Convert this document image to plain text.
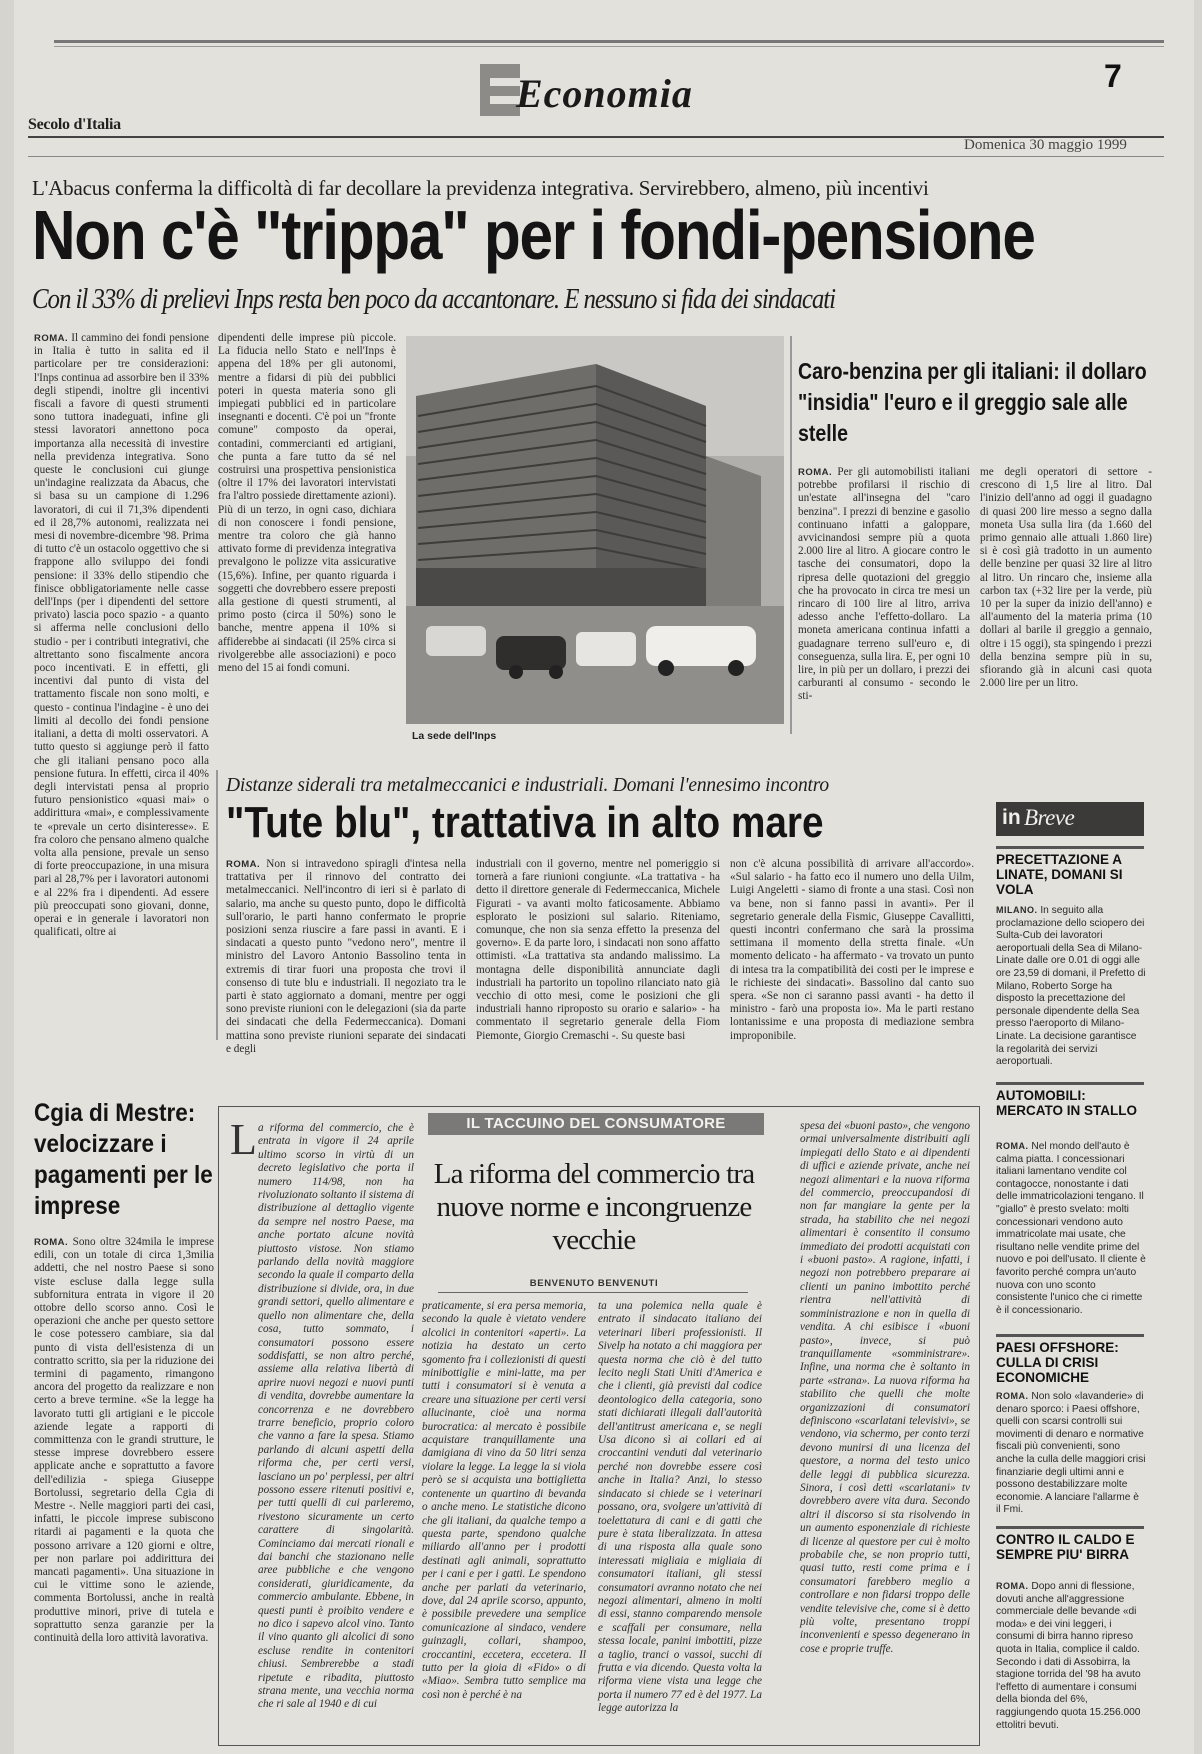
Economia	7
Secolo d'Italia
Domenica 30 maggio 1999
L'Abacus conferma la difficoltà di far decollare la previdenza integrativa. Servirebbero, almeno, più incentivi
Non c'è "trippa" per i fondi-pensione
Con il 33% di prelievi Inps resta ben poco da accantonare. E nessuno si fida dei sindacati
ROMA. Il cammino dei fondi pensione in Italia è tutto in salita ed il particolare per tre considerazioni: l'Inps continua ad assorbire ben il 33% degli stipendi, inoltre gli incentivi fiscali a favore di questi strumenti sono tuttora inadeguati, infine gli stessi lavoratori annettono poca importanza alla necessità di investire nella previdenza integrativa. Sono queste le conclusioni cui giunge un'indagine realizzata da Abacus, che si basa su un campione di 1.296 lavoratori, di cui il 71,3% dipendenti ed il 28,7% autonomi, realizzata nei mesi di novembre-dicembre '98. Prima di tutto c'è un ostacolo oggettivo che si frappone allo sviluppo dei fondi pensione: il 33% dello stipendio che finisce obbligatoriamente nelle casse dell'Inps (per i dipendenti del settore privato) lascia poco spazio - a quanto si afferma nelle conclusioni dello studio - per i contributi integrativi, che altrettanto sono fiscalmente ancora poco incentivati. E in effetti, gli incentivi dal punto di vista del trattamento fiscale non sono molti, e questo - continua l'indagine - è uno dei limiti al decollo dei fondi pensione italiani, a detta di molti osservatori. A tutto questo si aggiunge però il fatto che gli italiani pensano poco alla pensione futura. In effetti, circa il 40% degli intervistati pensa al proprio futuro pensionistico «quasi mai» o addirittura «mai», e complessivamente te «prevale un certo disinteresse». E fra coloro che pensano almeno qualche volta alla pensione, prevale un senso di forte preoccupazione, in una misura pari al 28,7% per i lavoratori autonomi e al 22% fra i dipendenti. Ad essere più preoccupati sono giovani, donne, operai e in generale i lavoratori non qualificati, oltre ai
dipendenti delle imprese più piccole. La fiducia nello Stato e nell'Inps è appena del 18% per gli autonomi, mentre a fidarsi di più dei pubblici poteri in questa materia sono gli impiegati pubblici ed in particolare insegnanti e docenti. C'è poi un "fronte comune" composto da operai, contadini, commercianti ed artigiani, che punta a fare tutto da sé nel costruirsi una prospettiva pensionistica (oltre il 17% dei lavoratori intervistati fra l'altro possiede direttamente azioni). Più di un terzo, in ogni caso, dichiara di non conoscere i fondi pensione, mentre tra coloro che già hanno attivato forme di previdenza integrativa prevalgono le polizze vita assicurative (15,6%). Infine, per quanto riguarda i soggetti che dovrebbero essere preposti alla gestione di questi strumenti, al primo posto (circa il 50%) sono le banche, mentre appena il 10% si affiderebbe ai sindacati (il 25% circa si rivolgerebbe alle associazioni) e poco meno del 15 ai fondi comuni.
La sede dell'Inps
Caro-benzina per gli italiani: il dollaro "insidia" l'euro e il greggio sale alle stelle
ROMA. Per gli automobilisti italiani potrebbe profilarsi il rischio di un'estate all'insegna del "caro benzina". I prezzi di benzine e gasolio continuano infatti a galoppare, avvicinandosi sempre più a quota 2.000 lire al litro. A giocare contro le tasche dei consumatori, dopo la ripresa delle quotazioni del greggio che ha provocato in circa tre mesi un rincaro di 100 lire al litro, arriva adesso anche l'effetto-dollaro. La moneta americana continua infatti a guadagnare terreno sull'euro e, di conseguenza, sulla lira. E, per ogni 10 lire, in più per un dollaro, i prezzi dei carburanti al consumo - secondo le sti-
me degli operatori di settore - crescono di 1,5 lire al litro. Dal l'inizio dell'anno ad oggi il guadagno di quasi 200 lire messo a segno dalla moneta Usa sulla lira (da 1.660 del primo gennaio alle attuali 1.860 lire) si è così già tradotto in un aumento delle benzine per quasi 32 lire al litro al litro. Un rincaro che, insieme alla carbon tax (+32 lire per la verde, più 10 per la super da inizio dell'anno) e all'aumento del la materia prima (10 dollari al barile il greggio a gennaio, oltre i 15 oggi), sta spingendo i prezzi della benzina sempre più in su, sfiorando già in alcuni casi quota 2.000 lire per un litro.
Distanze siderali tra metalmeccanici e industriali. Domani l'ennesimo incontro
"Tute blu", trattativa in alto mare
ROMA. Non si intravedono spiragli d'intesa nella trattativa per il rinnovo del contratto dei metalmeccanici. Nell'incontro di ieri si è parlato di salario, ma anche su questo punto, dopo le difficoltà sull'orario, le parti hanno confermato le proprie posizioni senza riuscire a fare passi in avanti. E i sindacati a questo punto "vedono nero", mentre il ministro del Lavoro Antonio Bassolino tenta in extremis di tirar fuori una proposta che trovi il consenso di tute blu e industriali. Il negoziato tra le parti è stato aggiornato a domani, mentre per oggi sono previste riunioni con le delegazioni (sia da parte dei sindacati che della Federmeccanica). Domani mattina sono previste riunioni separate dei sindacati e degli
industriali con il governo, mentre nel pomeriggio si tornerà a fare riunioni congiunte. «La trattativa - ha detto il direttore generale di Federmeccanica, Michele Figurati - va avanti molto faticosamente. Abbiamo esplorato le posizioni sul salario. Riteniamo, comunque, che non sia senza effetto la presenza del governo». E da parte loro, i sindacati non sono affatto ottimisti. «La trattativa sta andando malissimo. La montagna delle disponibilità annunciate dagli industriali ha partorito un topolino rilanciato nato già vecchio di otto mesi, come le posizioni che gli industriali hanno riproposto su orario e salario» - ha commentato il segretario generale della Fiom Piemonte, Giorgio Cremaschi -. Su queste basi
non c'è alcuna possibilità di arrivare all'accordo». «Sul salario - ha fatto eco il numero uno della Uilm, Luigi Angeletti - siamo di fronte a una stasi. Così non va bene, non si fanno passi in avanti». Per il segretario generale della Fismic, Giuseppe Cavallitti, questi incontri confermano che sarà la prossima settimana il momento della stretta finale. «Un momento delicato - ha affermato - va trovato un punto di intesa tra la compatibilità dei costi per le imprese e le richieste dei sindacati». Bassolino dal canto suo spera. «Se non ci saranno passi avanti - ha detto il ministro - farò una proposta io». Ma le parti restano lontanissime e una proposta di mediazione sembra improponibile.
Cgia di Mestre: velocizzare i pagamenti per le imprese
ROMA. Sono oltre 324mila le imprese edili, con un totale di circa 1,3milia addetti, che nel nostro Paese si sono viste escluse dalla legge sulla subfornitura entrata in vigore il 20 ottobre dello scorso anno. Così le operazioni che anche per questo settore le cose potessero cambiare, sia dal punto di vista dell'esistenza di un contratto scritto, sia per la riduzione dei termini di pagamento, rimangono ancora del progetto da realizzare e non certo a breve termine. «Se la legge ha lavorato tutti gli artigiani e le piccole aziende legate a rapporti di committenza con le grandi strutture, le stesse imprese dovrebbero essere applicate anche e soprattutto a favore dell'edilizia - spiega Giuseppe Bortolussi, segretario della Cgia di Mestre -. Nelle maggiori parti dei casi, infatti, le piccole imprese subiscono ritardi ai pagamenti e la quota che possono arrivare a 120 giorni e oltre, per non parlare poi addirittura dei mancati pagamenti». Una situazione in cui le vittime sono le aziende, commenta Bortolussi, anche in realtà produttive minori, prive di tutela e soprattutto senza garanzie per la continuità della loro attività lavorativa.
IL TACCUINO DEL CONSUMATORE
L a riforma del commercio, che è entrata in vigore il 24 aprile ultimo scorso in virtù di un decreto legislativo che porta il numero 114/98, non ha rivoluzionato soltanto il sistema di distribuzione al dettaglio vigente da sempre nel nostro Paese, ma anche portato alcune novità piuttosto vistose. Non stiamo parlando della novità maggiore secondo la quale il comparto della distribuzione si divide, ora, in due grandi settori, quello alimentare e quello non alimentare che, della cosa, tutto sommato, i consumatori possono essere soddisfatti, se non altro perché, assieme alla relativa libertà di aprire nuovi negozi e nuovi punti di vendita, dovrebbe aumentare la concorrenza e ne dovrebbero trarre beneficio, proprio coloro che vanno a fare la spesa. Stiamo parlando di alcuni aspetti della riforma che, per certi versi, lasciano un po' perplessi, per altri possono essere ritenuti positivi e, per tutti quelli di cui parleremo, rivestono sicuramente un certo carattere di singolarità. Cominciamo dai mercati rionali e dai banchi che stazionano nelle aree pubbliche e che vengono considerati, giuridicamente, da commercio ambulante. Ebbene, in questi punti è proibito vendere e no dico i sapevo alcol vino. Tanto il vino quanto gli alcolici di sono escluse rendite in contenitori chiusi. Sembrerebbe a stadi ripetute e ribadita, piuttosto strana mente, una vecchia norma che ri sale al 1940 e di cui
La riforma del commercio tra nuove norme e incongruenze vecchie
BENVENUTO BENVENUTI
praticamente, si era persa memoria, secondo la quale è vietato vendere alcolici in contenitori «aperti». La notizia ha destato un certo sgomento fra i collezionisti di questi minibottiglie e mini-latte, ma per tutti i consumatori si è venuta a creare una situazione per certi versi allucinante, cioè una norma burocratica: al mercato è possibile acquistare tranquillamente una damigiana di vino da 50 litri senza violare la legge. La legge la si viola però se si acquista una bottiglietta contenente un quartino di bevanda o anche meno. Le statistiche dicono che gli italiani, da qualche tempo a questa parte, spendono qualche miliardo all'anno per i prodotti destinati agli animali, soprattutto per i cani e per i gatti. Le spendono anche per parlati da veterinario, dove, dal 24 aprile scorso, appunto, è possibile prevedere una semplice comunicazione al sindaco, vendere guinzagli, collari, shampoo, croccantini, eccetera, eccetera. Il tutto per la gioia di «Fido» o di «Miao». Sembra tutto semplice ma così non è perché è na
ta una polemica nella quale è entrato il sindacato italiano dei veterinari liberi professionisti. Il Sivelp ha notato a chi maggiora per questa norma che ciò è del tutto lecito negli Stati Uniti d'America e che i clienti, già previsti dal codice deontologico della categoria, sono stati dichiarati illegali dall'autorità dell'antitrust americana e, se negli Usa dicono sì ai collari ed ai croccantini venduti dal veterinario perché non dovrebbe essere così anche in Italia? Anzi, lo stesso sindacato si chiede se i veterinari possano, ora, svolgere un'attività di toelettatura di cani e di gatti che pure è stata liberalizzata. In attesa di una risposta alla quale sono interessati migliaia e migliaia di consumatori italiani, gli stessi consumatori avranno notato che nei negozi alimentari, almeno in molti di essi, stanno comparendo mensole e scaffali per consumare, nella stessa locale, panini imbottiti, pizze a taglio, tranci o vassoi, succhi di frutta e via dicendo. Questa volta la riforma viene vista una legge che porta il numero 77 ed è del 1977. La legge autorizza la
spesa dei «buoni pasto», che vengono ormai universalmente distribuiti agli impiegati dello Stato e ai dipendenti di uffici e aziende private, anche nei negozi alimentari e la nuova riforma del commercio, preoccupandosi di non far mangiare la gente per la strada, ha stabilito che nei negozi alimentari è consentito il consumo immediato dei prodotti acquistati con i «buoni pasto». A ragione, infatti, i negozi non potrebbero preparare ai clienti un panino imbottito perché rientra nell'attività di somministrazione e non in quella di vendita. A chi esibisce i «buoni pasto», invece, si può tranquillamente «somministrare». Infine, una norma che è soltanto in parte «strana». La nuova riforma ha stabilito che quelli che molte organizzazioni di consumatori definiscono «scarlatani televisivi», se vendono, via schermo, per conto terzi devono munirsi di una licenza del questore, a norma del testo unico delle leggi di pubblica sicurezza. Sinora, i così detti «scarlatani» tv dovrebbero avere vita dura. Secondo altri il discorso si sta risolvendo in un aumento esponenziale di richieste di licenze al questore per cui è molto probabile che, se non proprio tutti, quasi tutto, resti come prima e i consumatori farebbero meglio a controllare e non fidarsi troppo delle vendite televisive che, come si è detto più volte, presentano troppi inconvenienti e spesso degenerano in cose e proprie truffe.
in Breve
PRECETTAZIONE A LINATE, DOMANI SI VOLA
MILANO. In seguito alla proclamazione dello sciopero dei Sulta-Cub dei lavoratori aeroportuali della Sea di Milano-Linate dalle ore 0.01 di oggi alle ore 23,59 di domani, il Prefetto di Milano, Roberto Sorge ha disposto la precettazione del personale dipendente della Sea presso l'aeroporto di Milano-Linate. La decisione garantisce la regolarità dei servizi aeroportuali.
AUTOMOBILI: MERCATO IN STALLO
ROMA. Nel mondo dell'auto è calma piatta. I concessionari italiani lamentano vendite col contagocce, nonostante i dati delle immatricolazioni tengano. Il "giallo" è presto svelato: molti concessionari vendono auto immatricolate mai usate, che risultano nelle vendite prime del nuovo e poi dell'usato. Il cliente è favorito perché compra un'auto nuova con uno sconto consistente l'unico che ci rimette è il concessionario.
PAESI OFFSHORE: CULLA DI CRISI ECONOMICHE
ROMA. Non solo «lavanderie» di denaro sporco: i Paesi offshore, quelli con scarsi controlli sui movimenti di denaro e normative fiscali più convenienti, sono anche la culla delle maggiori crisi finanziarie degli ultimi anni e possono destabilizzare molte economie. A lanciare l'allarme è il Fmi.
CONTRO IL CALDO E SEMPRE PIU' BIRRA
ROMA. Dopo anni di flessione, dovuti anche all'aggressione commerciale delle bevande «di moda» e dei vini leggeri, i consumi di birra hanno ripreso quota in Italia, complice il caldo. Secondo i dati di Assobirra, la stagione torrida del '98 ha avuto l'effetto di aumentare i consumi della bionda del 6%, raggiungendo quota 15.256.000 ettolitri bevuti.
